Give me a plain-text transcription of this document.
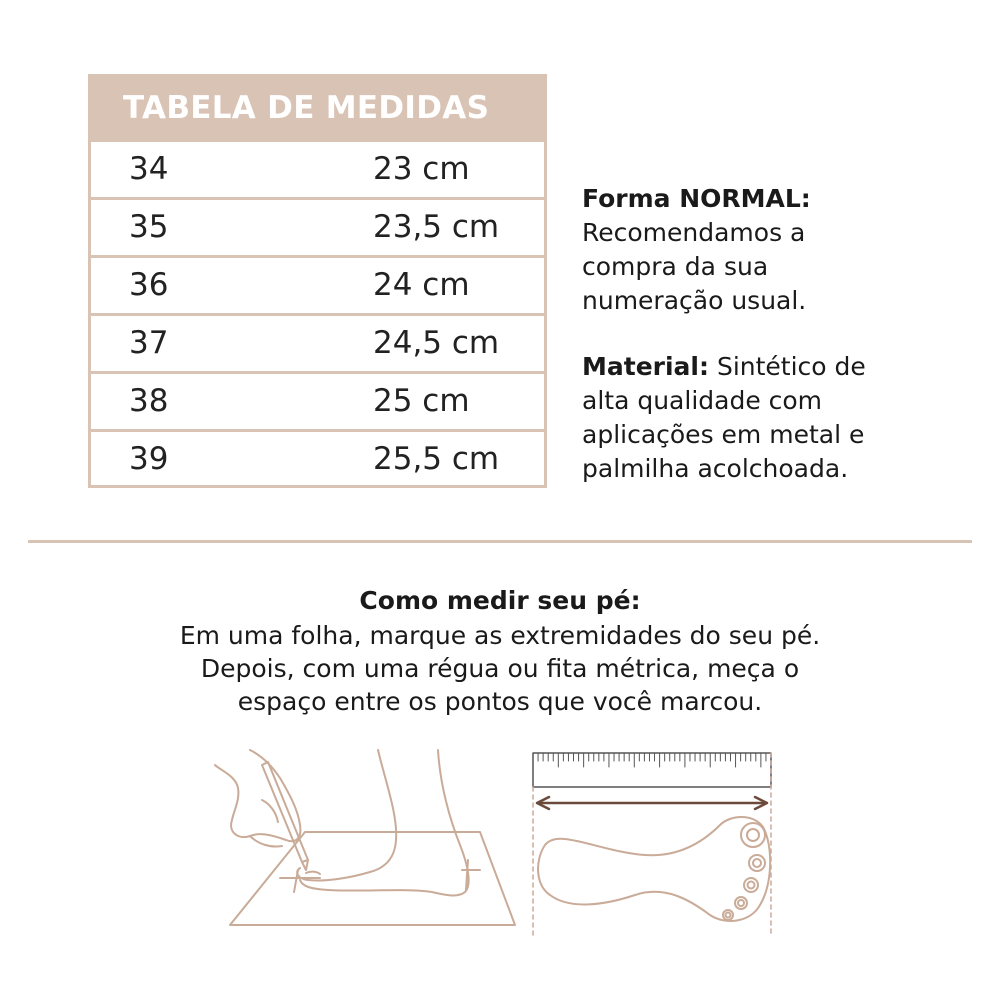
TABELA DE MEDIDAS
34	23 cm
35	23,5 cm
36	24 cm
37	24,5 cm
38	25 cm
39	25,5 cm
Forma NORMAL:
Recomendamos a
compra da sua
numeração usual.
Material: Sintético de
alta qualidade com
aplicações em metal e
palmilha acolchoada.
Como medir seu pé:
Em uma folha, marque as extremidades do seu pé.
Depois, com uma régua ou fita métrica, meça o
espaço entre os pontos que você marcou.
